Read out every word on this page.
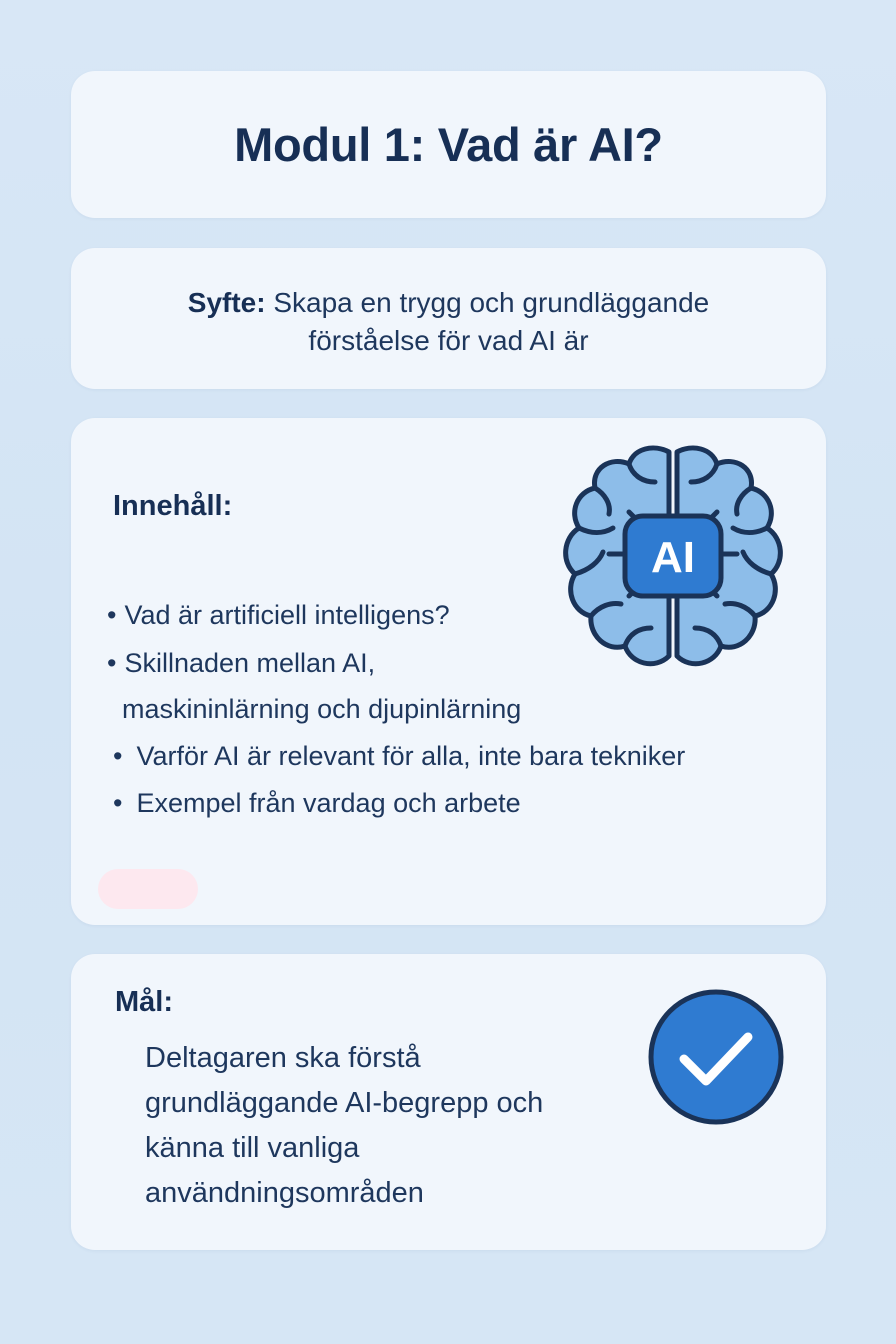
Modul 1: Vad är AI?
Syfte: Skapa en trygg och grundläggande
förståelse för vad AI är
Innehåll:
• Vad är artificiell intelligens?
• Skillnaden mellan AI,
maskininlärning och djupinlärning
• Varför AI är relevant för alla, inte bara tekniker
• Exempel från vardag och arbete
AI
Mål:
Deltagaren ska förstå grundläggande AI-begrepp och känna till vanliga användningsområden
